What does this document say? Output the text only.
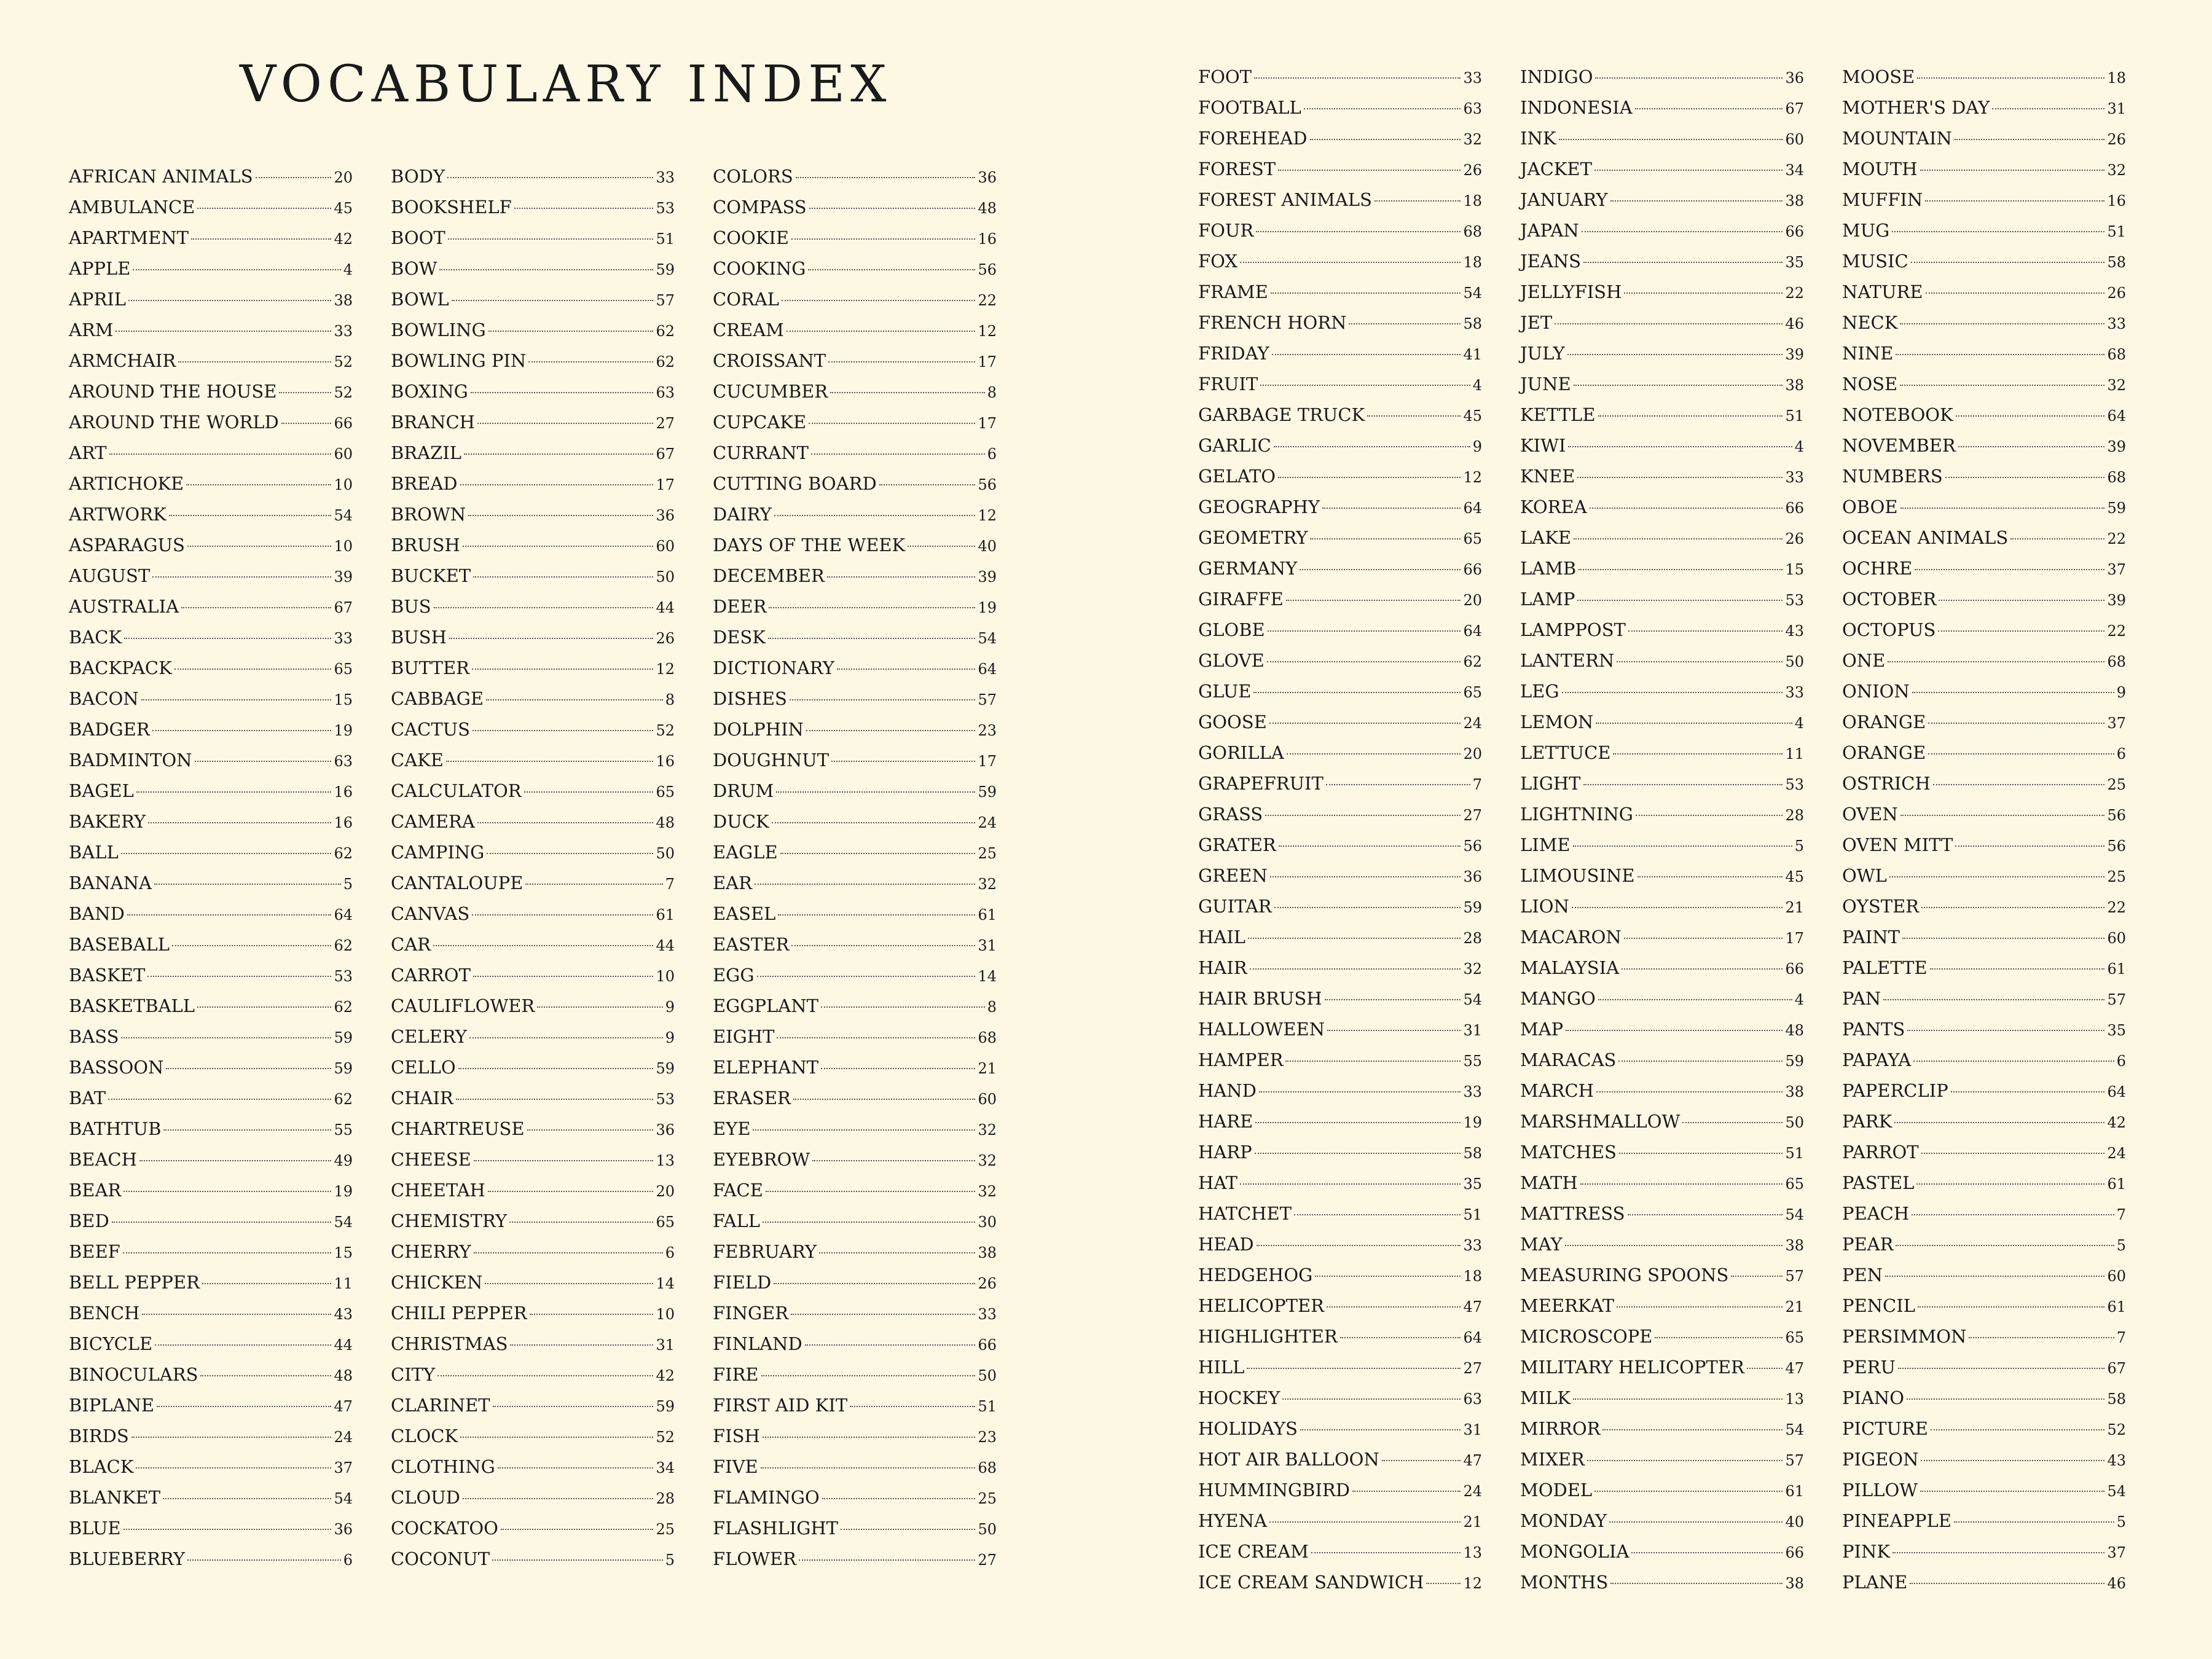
VOCABULARY INDEX
AFRICAN ANIMALS	20
AMBULANCE	45
APARTMENT	42
APPLE	4
APRIL	38
ARM	33
ARMCHAIR	52
AROUND THE HOUSE	52
AROUND THE WORLD	66
ART	60
ARTICHOKE	10
ARTWORK	54
ASPARAGUS	10
AUGUST	39
AUSTRALIA	67
BACK	33
BACKPACK	65
BACON	15
BADGER	19
BADMINTON	63
BAGEL	16
BAKERY	16
BALL	62
BANANA	5
BAND	64
BASEBALL	62
BASKET	53
BASKETBALL	62
BASS	59
BASSOON	59
BAT	62
BATHTUB	55
BEACH	49
BEAR	19
BED	54
BEEF	15
BELL PEPPER	11
BENCH	43
BICYCLE	44
BINOCULARS	48
BIPLANE	47
BIRDS	24
BLACK	37
BLANKET	54
BLUE	36
BLUEBERRY	6
BODY	33
BOOKSHELF	53
BOOT	51
BOW	59
BOWL	57
BOWLING	62
BOWLING PIN	62
BOXING	63
BRANCH	27
BRAZIL	67
BREAD	17
BROWN	36
BRUSH	60
BUCKET	50
BUS	44
BUSH	26
BUTTER	12
CABBAGE	8
CACTUS	52
CAKE	16
CALCULATOR	65
CAMERA	48
CAMPING	50
CANTALOUPE	7
CANVAS	61
CAR	44
CARROT	10
CAULIFLOWER	9
CELERY	9
CELLO	59
CHAIR	53
CHARTREUSE	36
CHEESE	13
CHEETAH	20
CHEMISTRY	65
CHERRY	6
CHICKEN	14
CHILI PEPPER	10
CHRISTMAS	31
CITY	42
CLARINET	59
CLOCK	52
CLOTHING	34
CLOUD	28
COCKATOO	25
COCONUT	5
COLORS	36
COMPASS	48
COOKIE	16
COOKING	56
CORAL	22
CREAM	12
CROISSANT	17
CUCUMBER	8
CUPCAKE	17
CURRANT	6
CUTTING BOARD	56
DAIRY	12
DAYS OF THE WEEK	40
DECEMBER	39
DEER	19
DESK	54
DICTIONARY	64
DISHES	57
DOLPHIN	23
DOUGHNUT	17
DRUM	59
DUCK	24
EAGLE	25
EAR	32
EASEL	61
EASTER	31
EGG	14
EGGPLANT	8
EIGHT	68
ELEPHANT	21
ERASER	60
EYE	32
EYEBROW	32
FACE	32
FALL	30
FEBRUARY	38
FIELD	26
FINGER	33
FINLAND	66
FIRE	50
FIRST AID KIT	51
FISH	23
FIVE	68
FLAMINGO	25
FLASHLIGHT	50
FLOWER	27
FOOT	33
FOOTBALL	63
FOREHEAD	32
FOREST	26
FOREST ANIMALS	18
FOUR	68
FOX	18
FRAME	54
FRENCH HORN	58
FRIDAY	41
FRUIT	4
GARBAGE TRUCK	45
GARLIC	9
GELATO	12
GEOGRAPHY	64
GEOMETRY	65
GERMANY	66
GIRAFFE	20
GLOBE	64
GLOVE	62
GLUE	65
GOOSE	24
GORILLA	20
GRAPEFRUIT	7
GRASS	27
GRATER	56
GREEN	36
GUITAR	59
HAIL	28
HAIR	32
HAIR BRUSH	54
HALLOWEEN	31
HAMPER	55
HAND	33
HARE	19
HARP	58
HAT	35
HATCHET	51
HEAD	33
HEDGEHOG	18
HELICOPTER	47
HIGHLIGHTER	64
HILL	27
HOCKEY	63
HOLIDAYS	31
HOT AIR BALLOON	47
HUMMINGBIRD	24
HYENA	21
ICE CREAM	13
ICE CREAM SANDWICH	12
INDIGO	36
INDONESIA	67
INK	60
JACKET	34
JANUARY	38
JAPAN	66
JEANS	35
JELLYFISH	22
JET	46
JULY	39
JUNE	38
KETTLE	51
KIWI	4
KNEE	33
KOREA	66
LAKE	26
LAMB	15
LAMP	53
LAMPPOST	43
LANTERN	50
LEG	33
LEMON	4
LETTUCE	11
LIGHT	53
LIGHTNING	28
LIME	5
LIMOUSINE	45
LION	21
MACARON	17
MALAYSIA	66
MANGO	4
MAP	48
MARACAS	59
MARCH	38
MARSHMALLOW	50
MATCHES	51
MATH	65
MATTRESS	54
MAY	38
MEASURING SPOONS	57
MEERKAT	21
MICROSCOPE	65
MILITARY HELICOPTER	47
MILK	13
MIRROR	54
MIXER	57
MODEL	61
MONDAY	40
MONGOLIA	66
MONTHS	38
MOOSE	18
MOTHER'S DAY	31
MOUNTAIN	26
MOUTH	32
MUFFIN	16
MUG	51
MUSIC	58
NATURE	26
NECK	33
NINE	68
NOSE	32
NOTEBOOK	64
NOVEMBER	39
NUMBERS	68
OBOE	59
OCEAN ANIMALS	22
OCHRE	37
OCTOBER	39
OCTOPUS	22
ONE	68
ONION	9
ORANGE	37
ORANGE	6
OSTRICH	25
OVEN	56
OVEN MITT	56
OWL	25
OYSTER	22
PAINT	60
PALETTE	61
PAN	57
PANTS	35
PAPAYA	6
PAPERCLIP	64
PARK	42
PARROT	24
PASTEL	61
PEACH	7
PEAR	5
PEN	60
PENCIL	61
PERSIMMON	7
PERU	67
PIANO	58
PICTURE	52
PIGEON	43
PILLOW	54
PINEAPPLE	5
PINK	37
PLANE	46
